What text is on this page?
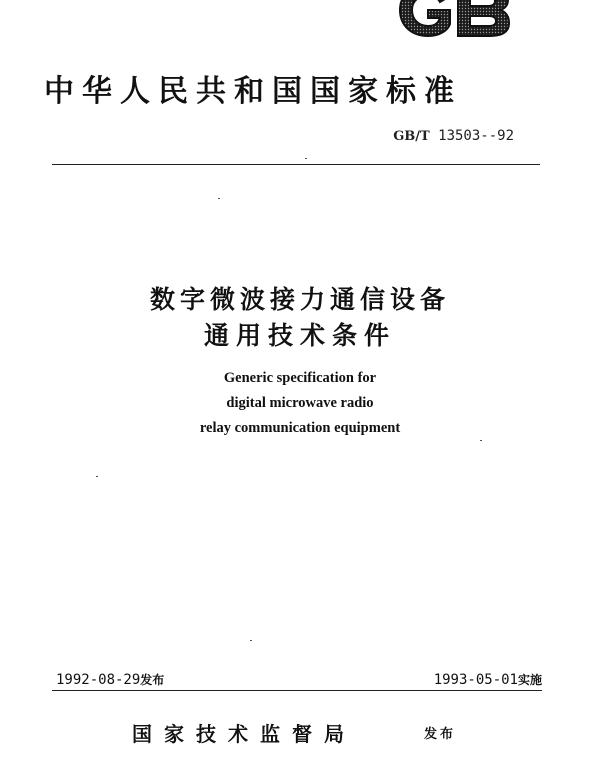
中华人民共和国国家标准
GB/T 13503--92
数字微波接力通信设备
通用技术条件
Generic specification for
digital microwave radio
relay communication equipment
1992-08-29发布	1993-05-01实施
国家技术监督局	发布
